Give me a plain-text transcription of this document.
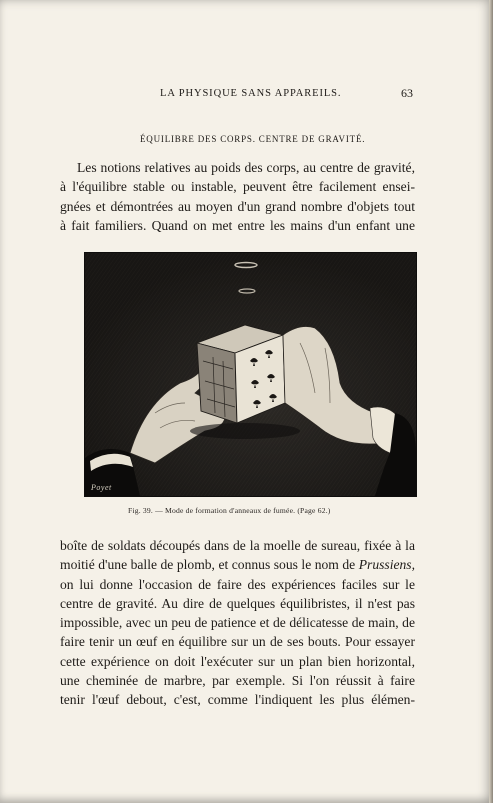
LA PHYSIQUE SANS APPAREILS.	63
ÉQUILIBRE DES CORPS. CENTRE DE GRAVITÉ.
Les notions relatives au poids des corps, au centre de gravité,
à l'équilibre stable ou instable, peuvent être facilement ensei-
gnées et démontrées au moyen d'un grand nombre d'objets tout
à fait familiers. Quand on met entre les mains d'un enfant une
Poyet
Fig. 39. — Mode de formation d'anneaux de fumée. (Page 62.)
boîte de soldats découpés dans de la moelle de sureau, fixée à la
moitié d'une balle de plomb, et connus sous le nom de Prussiens,
on lui donne l'occasion de faire des expériences faciles sur le
centre de gravité. Au dire de quelques équilibristes, il n'est pas
impossible, avec un peu de patience et de délicatesse de main, de
faire tenir un œuf en équilibre sur un de ses bouts. Pour essayer
cette expérience on doit l'exécuter sur un plan bien horizontal,
une cheminée de marbre, par exemple. Si l'on réussit à faire
tenir l'œuf debout, c'est, comme l'indiquent les plus élémen-
